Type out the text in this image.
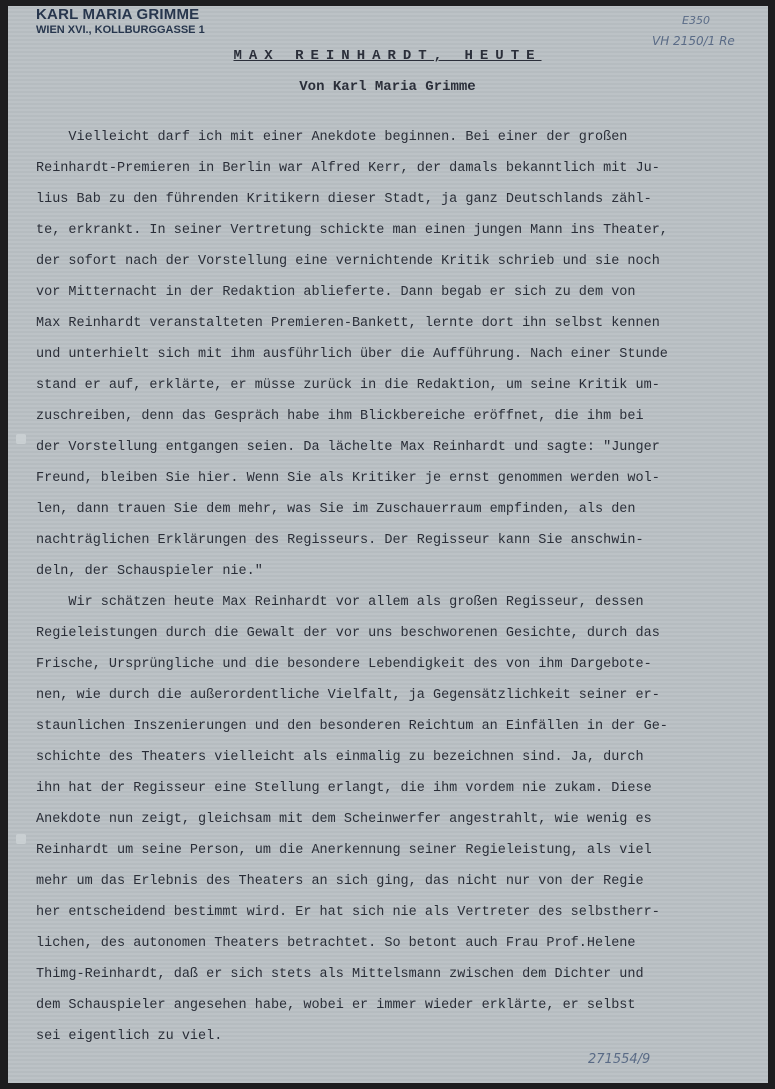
KARL MARIA GRIMME
WIEN XVI., KOLLBURGGASSE 1
E350
VH 2150/1 Re
271554/9
MAX REINHARDT, HEUTE
Von Karl Maria Grimme
Vielleicht darf ich mit einer Anekdote beginnen. Bei einer der großen
Reinhardt-Premieren in Berlin war Alfred Kerr, der damals bekanntlich mit Ju-
lius Bab zu den führenden Kritikern dieser Stadt, ja ganz Deutschlands zähl-
te, erkrankt. In seiner Vertretung schickte man einen jungen Mann ins Theater,
der sofort nach der Vorstellung eine vernichtende Kritik schrieb und sie noch
vor Mitternacht in der Redaktion ablieferte. Dann begab er sich zu dem von
Max Reinhardt veranstalteten Premieren-Bankett, lernte dort ihn selbst kennen
und unterhielt sich mit ihm ausführlich über die Aufführung. Nach einer Stunde
stand er auf, erklärte, er müsse zurück in die Redaktion, um seine Kritik um-
zuschreiben, denn das Gespräch habe ihm Blickbereiche eröffnet, die ihm bei
der Vorstellung entgangen seien. Da lächelte Max Reinhardt und sagte: "Junger
Freund, bleiben Sie hier. Wenn Sie als Kritiker je ernst genommen werden wol-
len, dann trauen Sie dem mehr, was Sie im Zuschauerraum empfinden, als den
nachträglichen Erklärungen des Regisseurs. Der Regisseur kann Sie anschwin-
deln, der Schauspieler nie."
Wir schätzen heute Max Reinhardt vor allem als großen Regisseur, dessen
Regieleistungen durch die Gewalt der vor uns beschworenen Gesichte, durch das
Frische, Ursprüngliche und die besondere Lebendigkeit des von ihm Dargebote-
nen, wie durch die außerordentliche Vielfalt, ja Gegensätzlichkeit seiner er-
staunlichen Inszenierungen und den besonderen Reichtum an Einfällen in der Ge-
schichte des Theaters vielleicht als einmalig zu bezeichnen sind. Ja, durch
ihn hat der Regisseur eine Stellung erlangt, die ihm vordem nie zukam. Diese
Anekdote nun zeigt, gleichsam mit dem Scheinwerfer angestrahlt, wie wenig es
Reinhardt um seine Person, um die Anerkennung seiner Regieleistung, als viel
mehr um das Erlebnis des Theaters an sich ging, das nicht nur von der Regie
her entscheidend bestimmt wird. Er hat sich nie als Vertreter des selbstherr-
lichen, des autonomen Theaters betrachtet. So betont auch Frau Prof.Helene
Thimg-Reinhardt, daß er sich stets als Mittelsmann zwischen dem Dichter und
dem Schauspieler angesehen habe, wobei er immer wieder erklärte, er selbst
sei eigentlich zu viel.
